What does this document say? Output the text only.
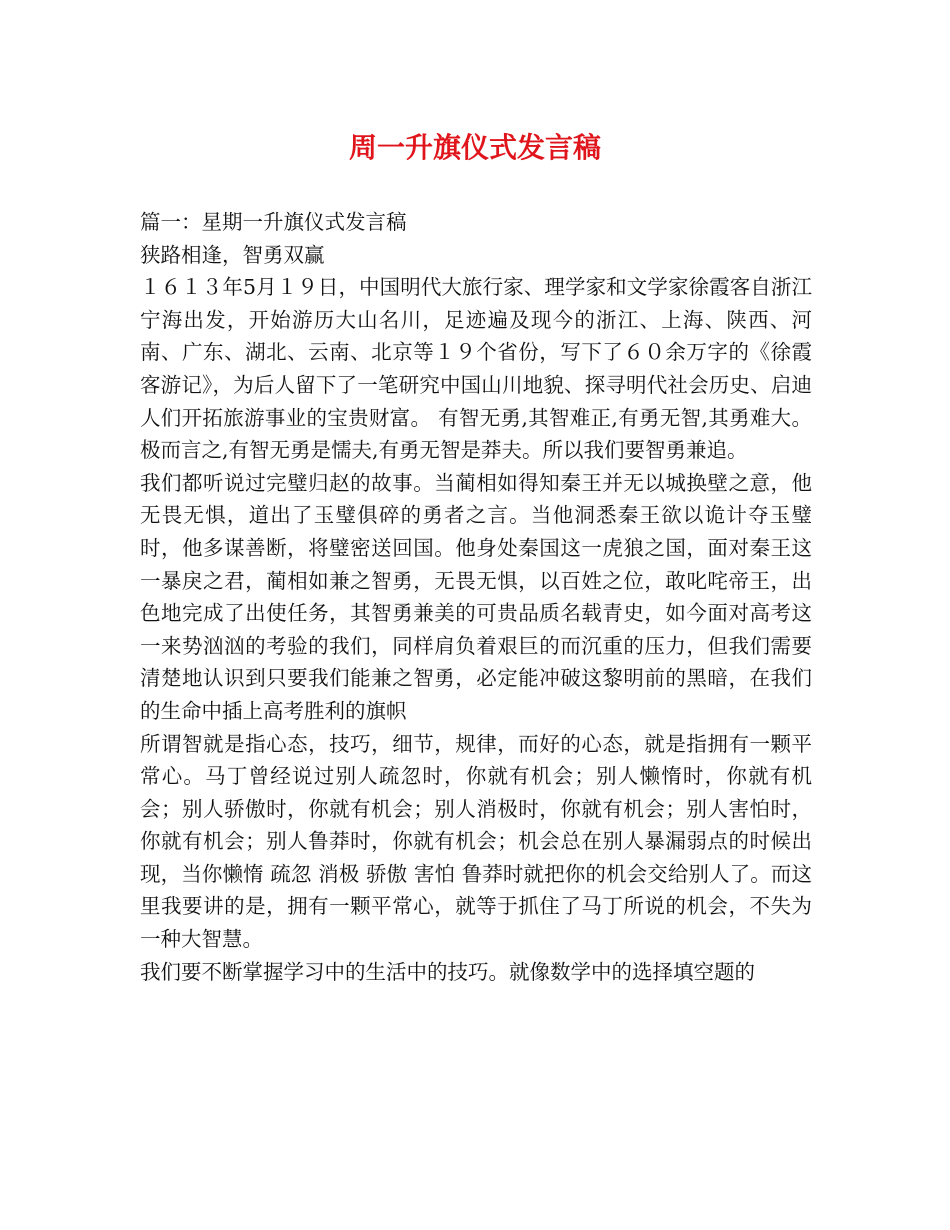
周一升旗仪式发言稿

篇一：星期一升旗仪式发言稿

狭路相逢，智勇双赢

１６１３年5月１９日，中国明代大旅行家、理学家和文学家徐霞客自浙江宁海出发，开始游历大山名川，足迹遍及现今的浙江、上海、陕西、河南、广东、湖北、云南、北京等１９个省份，写下了６０余万字的《徐霞客游记》，为后人留下了一笔研究中国山川地貌、探寻明代社会历史、启迪人们开拓旅游事业的宝贵财富。 有智无勇,其智难正,有勇无智,其勇难大。极而言之,有智无勇是懦夫,有勇无智是莽夫。所以我们要智勇兼追。

我们都听说过完璧归赵的故事。当蔺相如得知秦王并无以城换壁之意，他无畏无惧，道出了玉璧俱碎的勇者之言。当他洞悉秦王欲以诡计夺玉璧时，他多谋善断，将璧密送回国。他身处秦国这一虎狼之国，面对秦王这一暴戾之君，蔺相如兼之智勇，无畏无惧，以百姓之位，敢叱咤帝王，出色地完成了出使任务，其智勇兼美的可贵品质名载青史，如今面对高考这一来势汹汹的考验的我们，同样肩负着艰巨的而沉重的压力，但我们需要清楚地认识到只要我们能兼之智勇，必定能冲破这黎明前的黑暗，在我们的生命中插上高考胜利的旗帜

所谓智就是指心态，技巧，细节，规律，而好的心态，就是指拥有一颗平常心。马丁曾经说过别人疏忽时，你就有机会；别人懒惰时，你就有机会；别人骄傲时，你就有机会；别人消极时，你就有机会；别人害怕时，你就有机会；别人鲁莽时，你就有机会；机会总在别人暴漏弱点的时候出现，当你懒惰 疏忽 消极 骄傲 害怕 鲁莽时就把你的机会交给别人了。而这里我要讲的是，拥有一颗平常心，就等于抓住了马丁所说的机会，不失为一种大智慧。

我们要不断掌握学习中的生活中的技巧。就像数学中的选择填空题的
